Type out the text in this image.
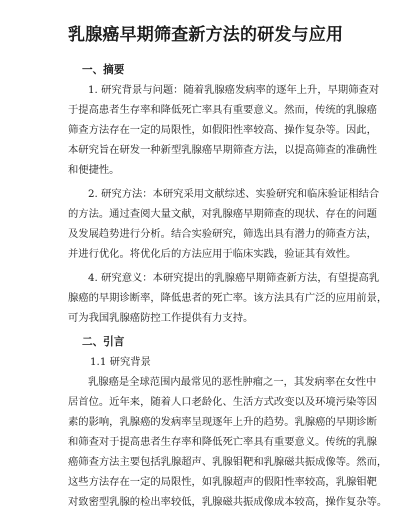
乳腺癌早期筛查新方法的研发与应用
一、摘要
1. 研究背景与问题：随着乳腺癌发病率的逐年上升，早期筛查对
于提高患者生存率和降低死亡率具有重要意义。然而，传统的乳腺癌
筛查方法存在一定的局限性，如假阳性率较高、操作复杂等。因此，
本研究旨在研发一种新型乳腺癌早期筛查方法，以提高筛查的准确性
和便捷性。
2. 研究方法：本研究采用文献综述、实验研究和临床验证相结合
的方法。通过查阅大量文献，对乳腺癌早期筛查的现状、存在的问题
及发展趋势进行分析。结合实验研究，筛选出具有潜力的筛查方法，
并进行优化。将优化后的方法应用于临床实践，验证其有效性。
4. 研究意义：本研究提出的乳腺癌早期筛查新方法，有望提高乳
腺癌的早期诊断率，降低患者的死亡率。该方法具有广泛的应用前景，
可为我国乳腺癌防控工作提供有力支持。
二、引言
1.1 研究背景
乳腺癌是全球范围内最常见的恶性肿瘤之一，其发病率在女性中
居首位。近年来，随着人口老龄化、生活方式改变以及环境污染等因
素的影响，乳腺癌的发病率呈现逐年上升的趋势。乳腺癌的早期诊断
和筛查对于提高患者生存率和降低死亡率具有重要意义。传统的乳腺
癌筛查方法主要包括乳腺超声、乳腺钼靶和乳腺磁共振成像等。然而，
这些方法存在一定的局限性，如乳腺超声的假阳性率较高，乳腺钼靶
对致密型乳腺的检出率较低，乳腺磁共振成像成本较高，操作复杂等。
